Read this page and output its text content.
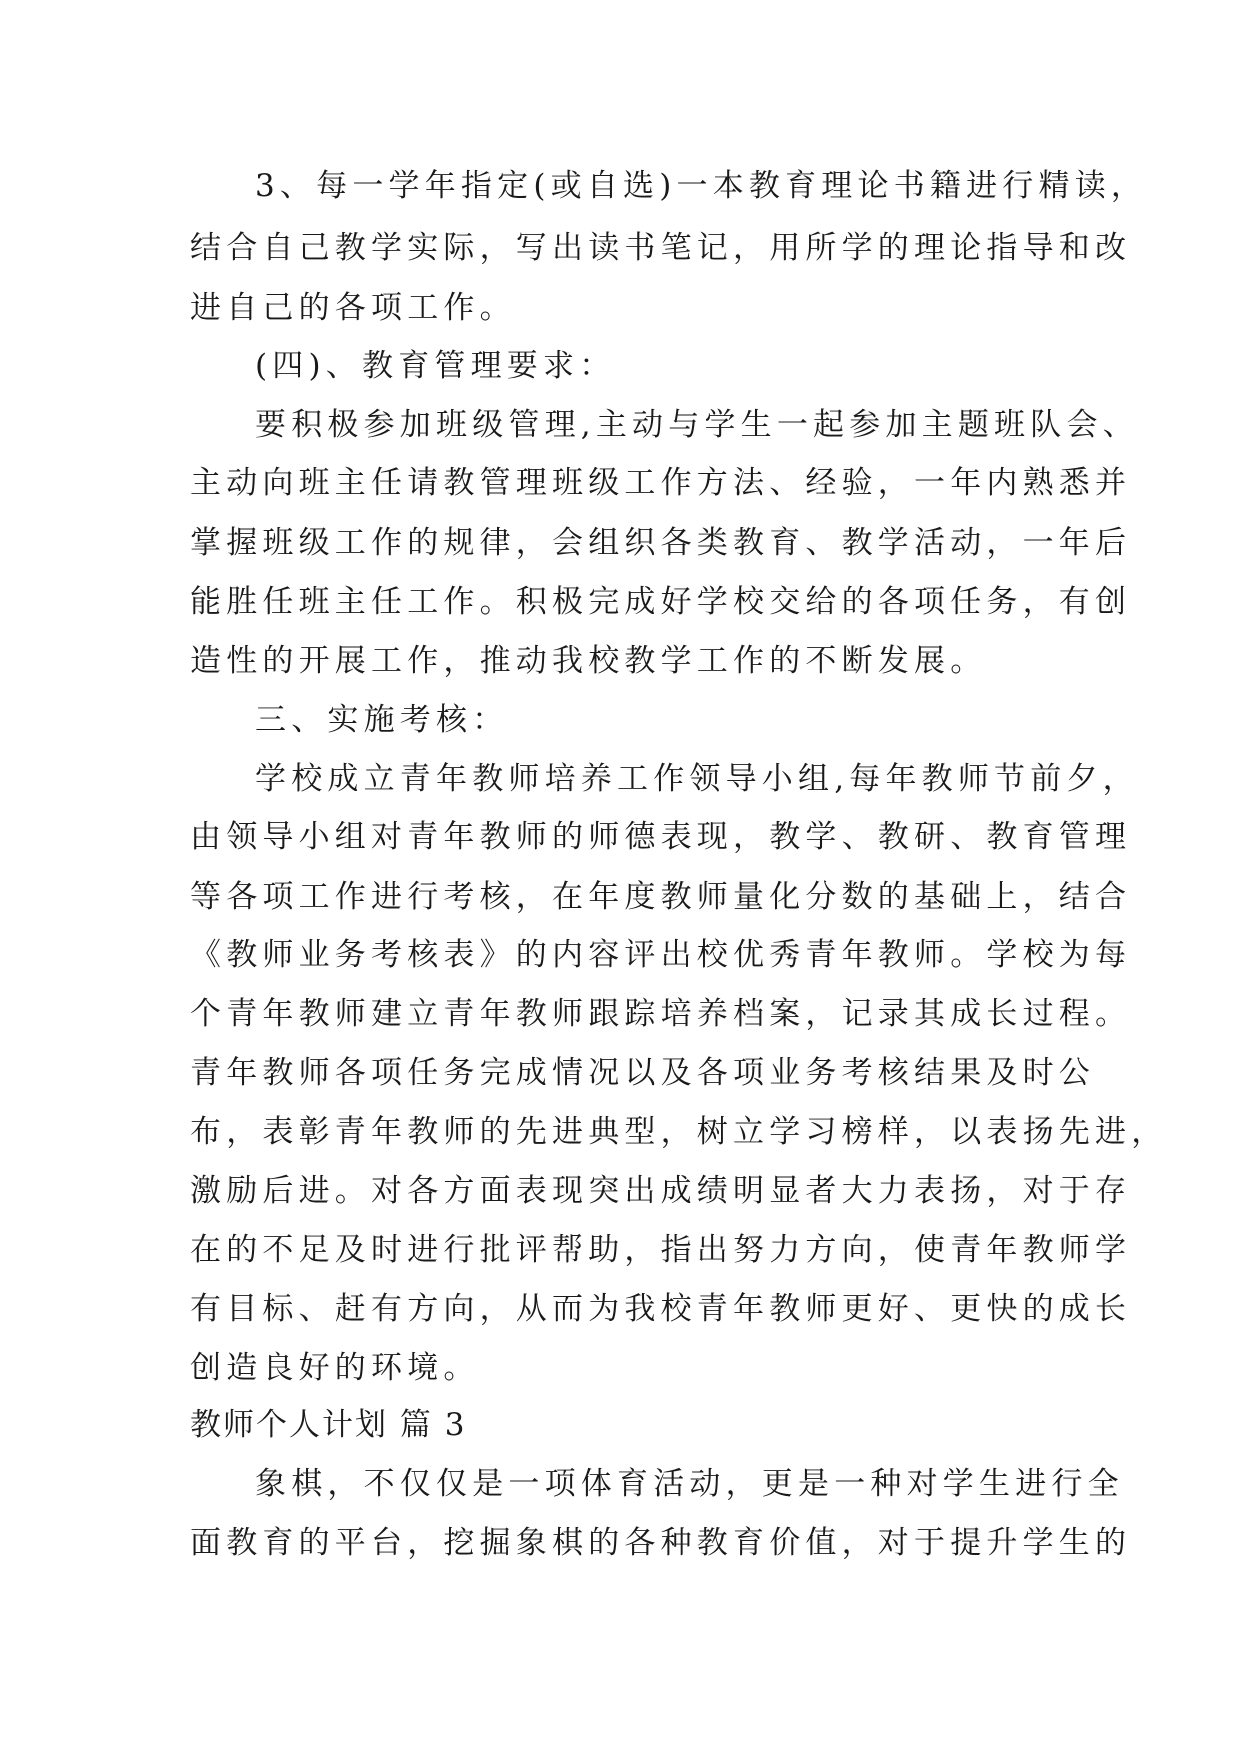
3、每一学年指定(或自选)一本教育理论书籍进行精读，

结合自己教学实际，写出读书笔记，用所学的理论指导和改

进自己的各项工作。

(四)、教育管理要求：

要积极参加班级管理,主动与学生一起参加主题班队会、

主动向班主任请教管理班级工作方法、经验，一年内熟悉并

掌握班级工作的规律，会组织各类教育、教学活动，一年后

能胜任班主任工作。积极完成好学校交给的各项任务，有创

造性的开展工作，推动我校教学工作的不断发展。

三、实施考核：

学校成立青年教师培养工作领导小组,每年教师节前夕，

由领导小组对青年教师的师德表现，教学、教研、教育管理

等各项工作进行考核，在年度教师量化分数的基础上，结合

《教师业务考核表》的内容评出校优秀青年教师。学校为每

个青年教师建立青年教师跟踪培养档案，记录其成长过程。

青年教师各项任务完成情况以及各项业务考核结果及时公

布，表彰青年教师的先进典型，树立学习榜样，以表扬先进，

激励后进。对各方面表现突出成绩明显者大力表扬，对于存

在的不足及时进行批评帮助，指出努力方向，使青年教师学

有目标、赶有方向，从而为我校青年教师更好、更快的成长

创造良好的环境。

教师个人计划 篇 3

象棋，不仅仅是一项体育活动，更是一种对学生进行全

面教育的平台，挖掘象棋的各种教育价值，对于提升学生的
